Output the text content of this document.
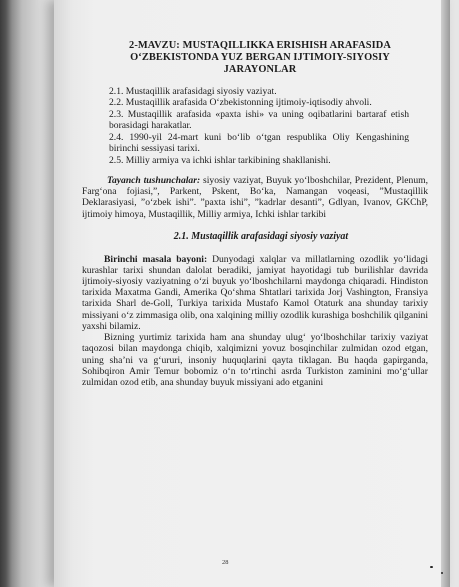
2-MAVZU: MUSTAQILLIKKA ERISHISH ARAFASIDA
O‘ZBEKISTONDA YUZ BERGAN IJTIMOIY-SIYOSIY
JARAYONLAR
2.1. Mustaqillik arafasidagi siyosiy vaziyat.
2.2. Mustaqillik arafasida O‘zbekistonning ijtimoiy-iqtisodiy ahvoli.
2.3. Mustaqillik arafasida «paxta ishi» va uning oqibatlarini bartaraf etish borasidagi harakatlar.
2.4. 1990-yil 24-mart kuni bo‘lib o‘tgan respublika Oliy Kengashining birinchi sessiyasi tarixi.
2.5. Milliy armiya va ichki ishlar tarkibining shakllanishi.

Tayanch tushunchalar: siyosiy vaziyat, Buyuk yo‘lboshchilar, Prezident, Plenum, Farg‘ona fojiasi,”, Parkent, Pskent, Bo‘ka, Namangan voqeasi, ”Mustaqillik Deklarasiyasi, ”o‘zbek ishi”. ”paxta ishi”, ”kadrlar desanti”, Gdlyan, Ivanov, GKChP, ijtimoiy himoya, Mustaqillik, Milliy armiya, Ichki ishlar tarkibi

2.1. Mustaqillik arafasidagi siyosiy vaziyat

Birinchi masala bayoni: Dunyodagi xalqlar va millatlarning ozodlik yo‘lidagi kurashlar tarixi shundan dalolat beradiki, jamiyat hayotidagi tub burilishlar davrida ijtimoiy-siyosiy vaziyatning o‘zi buyuk yo‘lboshchilarni maydonga chiqaradi. Hindiston tarixida Maxatma Gandi, Amerika Qo‘shma Shtatlari tarixida Jorj Vashington, Fransiya tarixida Sharl de-Goll, Turkiya tarixida Mustafo Kamol Otaturk ana shunday tarixiy missiyani o‘z zimmasiga olib, ona xalqining milliy ozodlik kurashiga boshchilik qilganini yaxshi bilamiz.

Bizning yurtimiz tarixida ham ana shunday ulug‘ yo‘lboshchilar tarixiy vaziyat taqozosi bilan maydonga chiqib, xalqimizni yovuz bosqinchilar zulmidan ozod etgan, uning sha’ni va g‘ururi, insoniy huquqlarini qayta tiklagan. Bu haqda gapirganda, Sohibqiron Amir Temur bobomiz o‘n to‘rtinchi asrda Turkiston zaminini mo‘g‘ullar zulmidan ozod etib, ana shunday buyuk missiyani ado etganini

28
